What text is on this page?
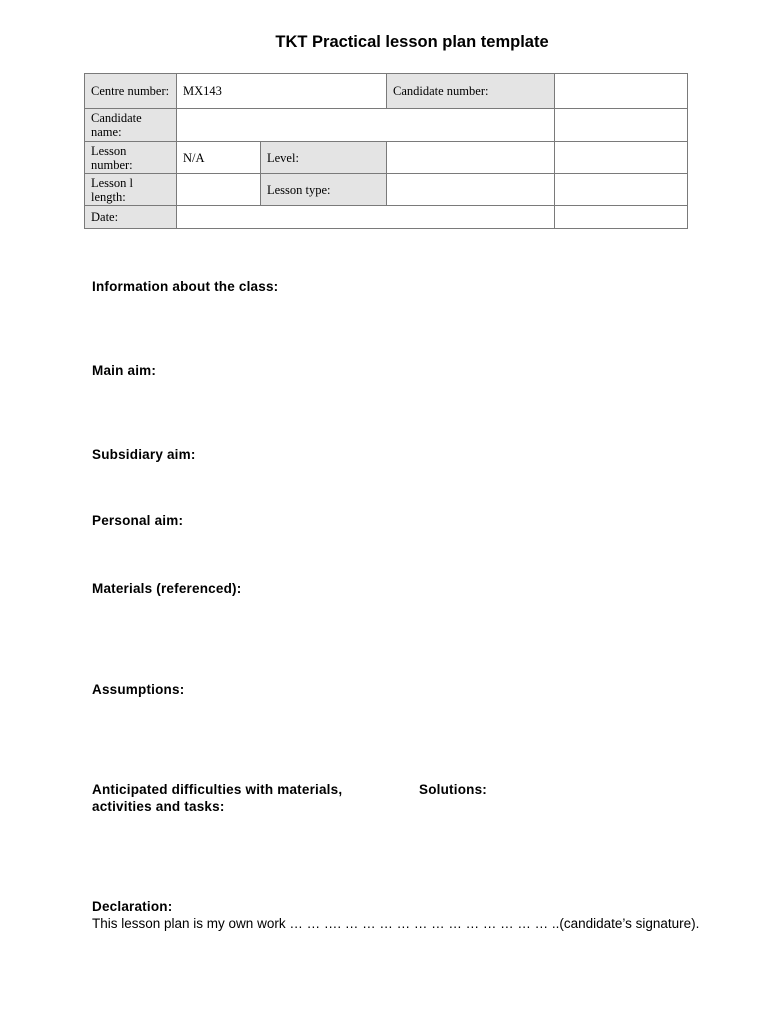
TKT Practical lesson plan template
Centre number:	MX143		Candidate number:	
Candidate name:				
Lesson number:	N/A	Level:		
Lesson l length:		Lesson type:		
Date:				

Information about the class:

Main aim:

Subsidiary aim:

Personal aim:

Materials (referenced):

Assumptions:

Anticipated difficulties with materials,

activities and tasks:

Solutions:

Declaration:

This lesson plan is my own work … … …. … … … … … … … … … … … … ..(candidate’s signature).
